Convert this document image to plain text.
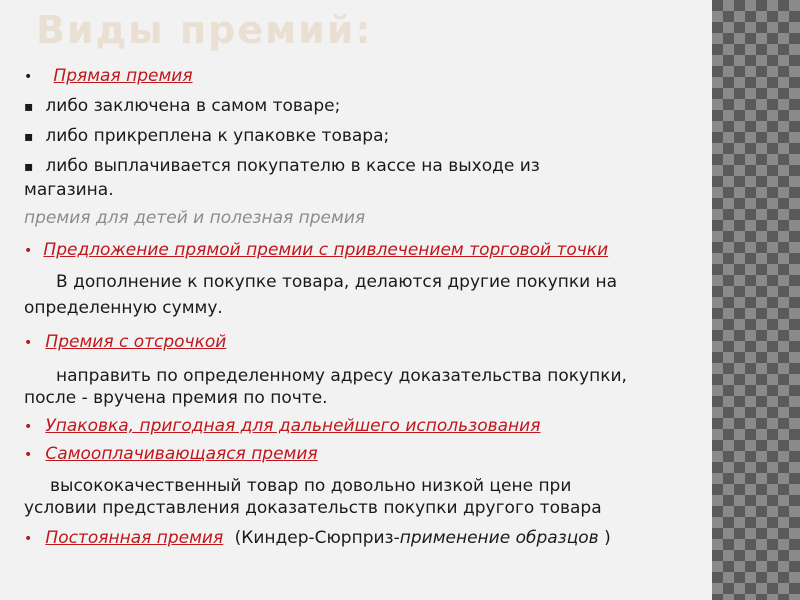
Виды премий:
• Прямая премия
▪ либо заключена в самом товаре;
▪ либо прикреплена к упаковке товара;
▪ либо выплачивается покупателю в кассе на выходе из
магазина.
премия для детей и полезная премия
• Предложение прямой премии с привлечением торговой точки
В дополнение к покупке товара, делаются другие покупки на
определенную сумму.
• Премия с отсрочкой
направить по определенному адресу доказательства покупки,
после - вручена премия по почте.
• Упаковка, пригодная для дальнейшего использования
• Самооплачивающаяся премия
высококачественный товар по довольно низкой цене при
условии представления доказательств покупки другого товара
• Постоянная премия (Киндер-Сюрприз-применение образцов )
